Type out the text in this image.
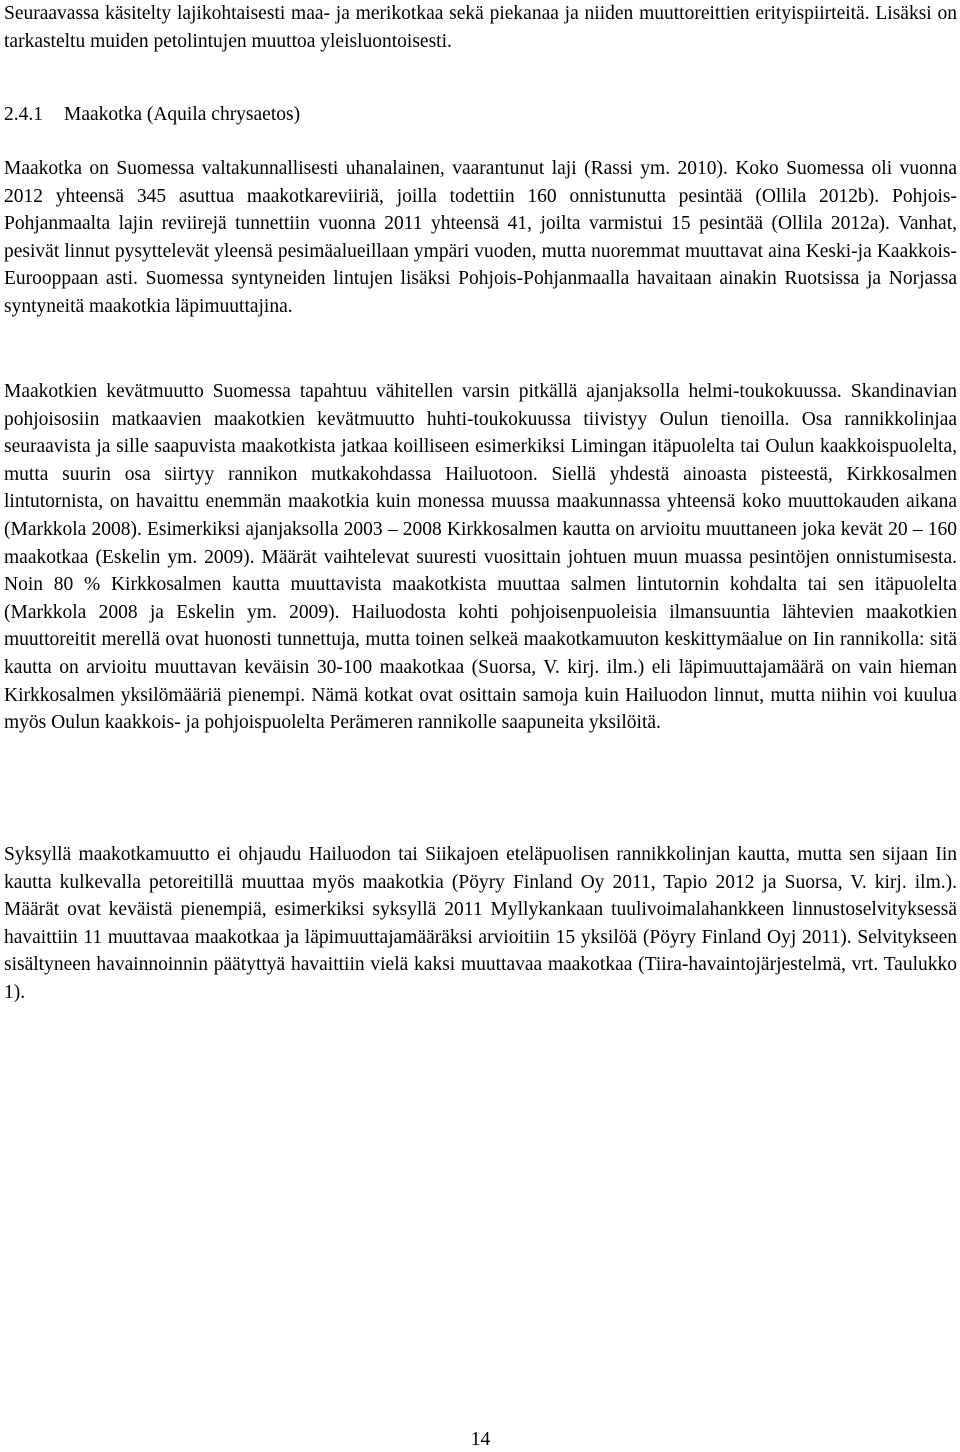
Seuraavassa käsitelty lajikohtaisesti maa- ja merikotkaa sekä piekanaa ja niiden muuttoreittien erityispiirteitä. Lisäksi on tarkasteltu muiden petolintujen muuttoa yleisluontoisesti.

2.4.1 Maakotka (Aquila chrysaetos)

Maakotka on Suomessa valtakunnallisesti uhanalainen, vaarantunut laji (Rassi ym. 2010). Koko Suomessa oli vuonna 2012 yhteensä 345 asuttua maakotkareviiriä, joilla todettiin 160 onnistunutta pesintää (Ollila 2012b). Pohjois-Pohjanmaalta lajin reviirejä tunnettiin vuonna 2011 yhteensä 41, joilta varmistui 15 pesintää (Ollila 2012a). Vanhat, pesivät linnut pysyttelevät yleensä pesimäalueillaan ympäri vuoden, mutta nuoremmat muuttavat aina Keski-ja Kaakkois-Eurooppaan asti. Suomessa syntyneiden lintujen lisäksi Pohjois-Pohjanmaalla havaitaan ainakin Ruotsissa ja Norjassa syntyneitä maakotkia läpimuuttajina.

Maakotkien kevätmuutto Suomessa tapahtuu vähitellen varsin pitkällä ajanjaksolla helmi-toukokuussa. Skandinavian pohjoisosiin matkaavien maakotkien kevätmuutto huhti-toukokuussa tiivistyy Oulun tienoilla. Osa rannikkolinjaa seuraavista ja sille saapuvista maakotkista jatkaa koilliseen esimerkiksi Limingan itäpuolelta tai Oulun kaakkoispuolelta, mutta suurin osa siirtyy rannikon mutkakohdassa Hailuotoon. Siellä yhdestä ainoasta pisteestä, Kirkkosalmen lintutornista, on havaittu enemmän maakotkia kuin monessa muussa maakunnassa yhteensä koko muuttokauden aikana (Markkola 2008). Esimerkiksi ajanjaksolla 2003 – 2008 Kirkkosalmen kautta on arvioitu muuttaneen joka kevät 20 – 160 maakotkaa (Eskelin ym. 2009). Määrät vaihtelevat suuresti vuosittain johtuen muun muassa pesintöjen onnistumisesta. Noin 80 % Kirkkosalmen kautta muuttavista maakotkista muuttaa salmen lintutornin kohdalta tai sen itäpuolelta (Markkola 2008 ja Eskelin ym. 2009). Hailuodosta kohti pohjoisenpuoleisia ilmansuuntia lähtevien maakotkien muuttoreitit merellä ovat huonosti tunnettuja, mutta toinen selkeä maakotkamuuton keskittymäalue on Iin rannikolla: sitä kautta on arvioitu muuttavan keväisin 30-100 maakotkaa (Suorsa, V. kirj. ilm.) eli läpimuuttajamäärä on vain hieman Kirkkosalmen yksilömääriä pienempi. Nämä kotkat ovat osittain samoja kuin Hailuodon linnut, mutta niihin voi kuulua myös Oulun kaakkois- ja pohjoispuolelta Perämeren rannikolle saapuneita yksilöitä.

Syksyllä maakotkamuutto ei ohjaudu Hailuodon tai Siikajoen eteläpuolisen rannikkolinjan kautta, mutta sen sijaan Iin kautta kulkevalla petoreitillä muuttaa myös maakotkia (Pöyry Finland Oy 2011, Tapio 2012 ja Suorsa, V. kirj. ilm.). Määrät ovat keväistä pienempiä, esimerkiksi syksyllä 2011 Myllykankaan tuulivoimalahankkeen linnustoselvityksessä havaittiin 11 muuttavaa maakotkaa ja läpimuuttajamääräksi arvioitiin 15 yksilöä (Pöyry Finland Oyj 2011). Selvitykseen sisältyneen havainnoinnin päätyttyä havaittiin vielä kaksi muuttavaa maakotkaa (Tiira-havaintojärjestelmä, vrt. Taulukko 1).

14
